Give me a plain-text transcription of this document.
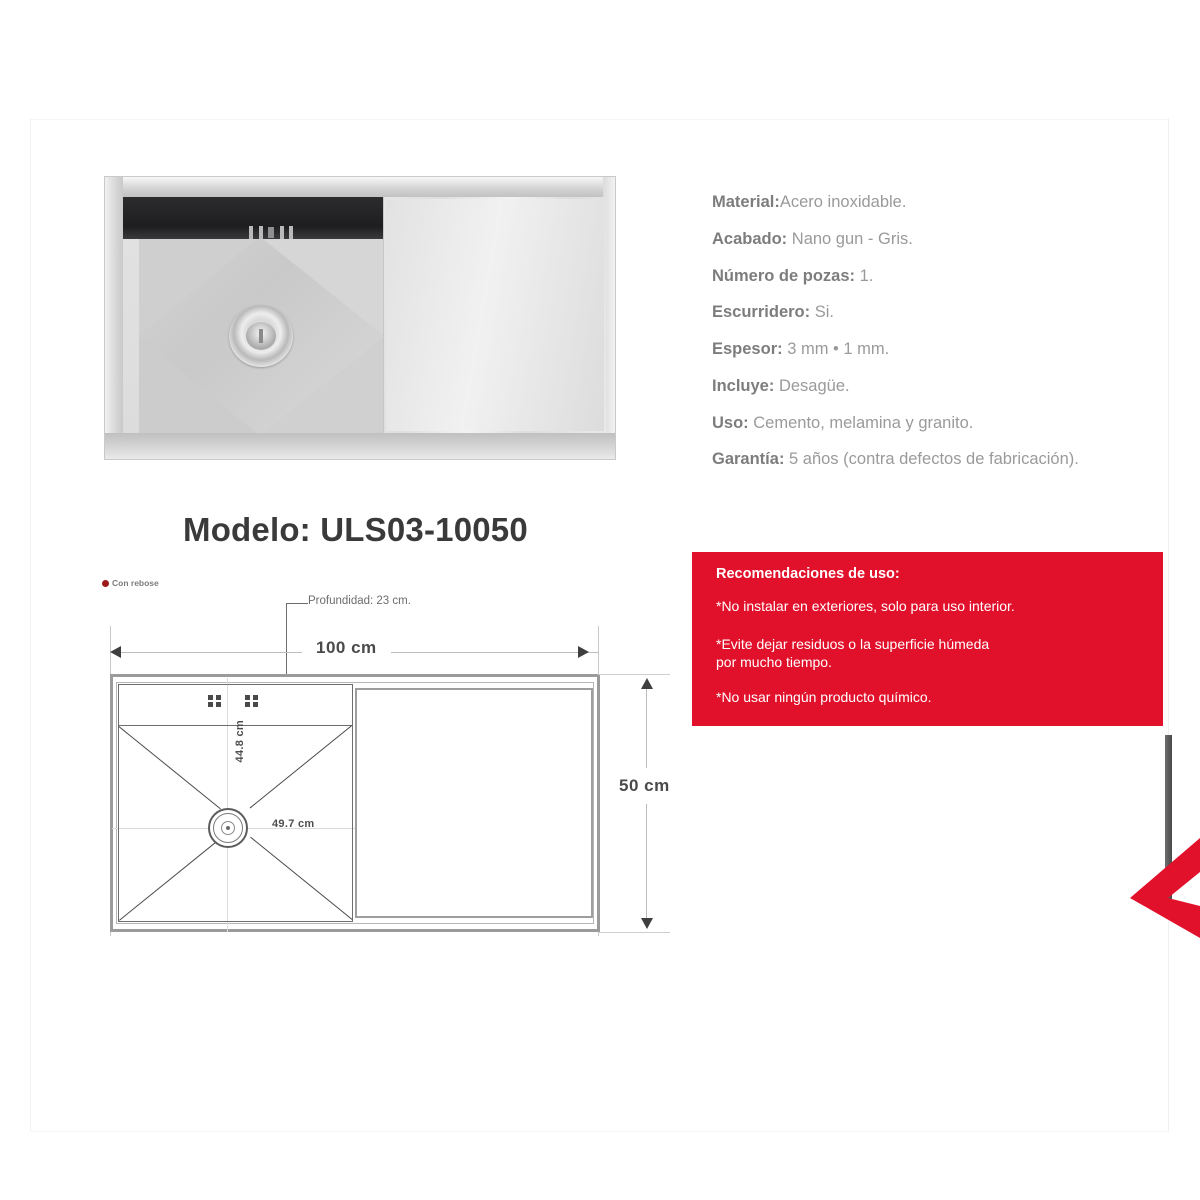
Modelo: ULS03-10050
Material:Acero inoxidable.
Acabado: Nano gun - Gris.
Número de pozas: 1.
Escurridero: Si.
Espesor: 3 mm • 1 mm.
Incluye: Desagüe.
Uso: Cemento, melamina y granito.
Garantía: 5 años (contra defectos de fabricación).
Recomendaciones de uso:
*No instalar en exteriores, solo para uso interior.
*Evite dejar residuos o la superficie húmeda
por mucho tiempo.
*No usar ningún producto químico.
Con rebose
Profundidad: 23 cm.
100 cm
44.8 cm
49.7 cm
50 cm
